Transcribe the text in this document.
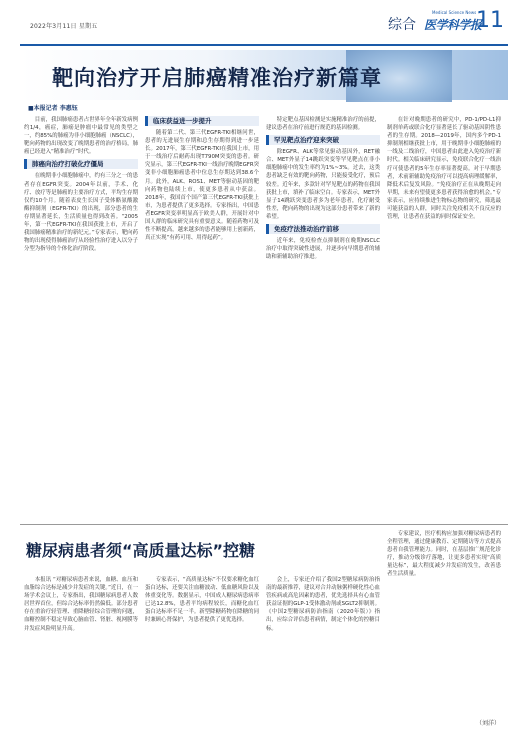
2022年3月11日 星期五	综合
Medical Science News
医学科学报
11
靶向治疗开启肺癌精准治疗新篇章
■本报记者 李惠钰

目前，我国肺癌患者占世界年全年新发病例约1/4，癌症，肺癌是肿瘤中最常见的类型之一，约85%的肺癌为非小细胞肺癌（NSCLC），靶向药物的出现改变了晚期患者的治疗格局，肺癌已经进入“精准治疗”时代。

肺癌向治疗打破化疗僵局

在晚期非小细胞肺癌中，约有三分之一的患者存在EGFR突变。2004年以前，手术、化疗、放疗等是肺癌的主要治疗方式，平均生存期仅约10个月。随着表皮生长因子受体酪氨酸激酶抑制剂（EGFR-TKI）的出现，部分患者的生存期显著延长，生活质量也得到改善。“2005年，第一代EGFR-TKI在我国获批上市，开启了我国肺癌精准治疗的新纪元。”专家表示，靶向药物的出现使得肺癌治疗从经验性治疗进入以分子分型为指导的个体化治疗阶段。

临床获益进一步提升

随着第二代、第三代EGFR-TKI相继问世，患者的无进展生存期和总生存期得到进一步延长。2017年，第三代EGFR-TKI在我国上市，用于一线治疗后耐药出现T790M突变的患者。研究显示，第三代EGFR-TKI一线治疗晚期EGFR突变非小细胞肺癌患者中位总生存期达到38.6个月。此外，ALK、ROS1、MET等驱动基因的靶向药物也陆续上市，使更多患者从中获益。2018年，我国首个国产第三代EGFR-TKI获批上市，为患者提供了更多选择。专家指出，中国患者EGFR突变率明显高于欧美人群，开展针对中国人群的临床研究具有重要意义。随着药物可及性不断提高，越来越多的患者能够用上创新药，真正实现“有药可用、用得起药”。

特定靶点基因检测是实施精准治疗的前提，建议患者在治疗前进行规范的基因检测。

罕见靶点治疗迎来突破

除EGFR、ALK等常见驱动基因外，RET融合、MET外显子14跳跃突变等罕见靶点在非小细胞肺癌中的发生率约为1%~3%。过去，这类患者缺乏有效的靶向药物，只能接受化疗，预后较差。近年来，多款针对罕见靶点的药物在我国获批上市，填补了临床空白。专家表示，MET外显子14跳跃突变患者多为老年患者，化疗耐受性差，靶向药物的出现为这部分患者带来了新的希望。

免疫疗法推动治疗前移

近年来，免疫检查点抑制剂在晚期NSCLC治疗中取得突破性进展，并逐步向早期患者的辅助和新辅助治疗推进。

在针对晚期患者的研究中，PD-1/PD-L1抑制剂单药或联合化疗显著延长了驱动基因阴性患者的生存期。2018—2019年，国内多个PD-1抑制剂相继获批上市，用于晚期非小细胞肺癌的一线及二线治疗，中国患者由此进入免疫治疗新时代。相关临床研究显示，免疫联合化疗一线治疗可使患者的5年生存率显著提高。对于早期患者，术前新辅助免疫治疗可以提高病理缓解率，降低术后复发风险。“免疫治疗正在从晚期走向早期，未来有望使更多患者获得治愈的机会。”专家表示，应持续推进生物标志物的研究，筛选最可能获益的人群，同时关注免疫相关不良反应的管理，让患者在获益的同时保证安全。

糖尿病患者须“高质量达标”控糖

本报讯 “对糖尿病患者来说，血糖、血压和血脂综合达标是减少并发症的关键。”近日，在一场学术会议上，专家指出，我国糖尿病患者人数居世界首位，但综合达标率仍然偏低。部分患者存在重治疗轻管理、重降糖轻综合管理的问题，血糖控制不稳定导致心脑血管、肾脏、视网膜等并发症风险明显升高。

专家表示，“高质量达标”不仅要求糖化血红蛋白达标，还要关注血糖波动、低血糖风险以及体重变化等。数据显示，中国成人糖尿病患病率已达12.8%，患者平均病程较长，而糖化血红蛋白达标率不足一半。新型降糖药物在降糖的同时兼顾心肾保护，为患者提供了更优选择。

会上，专家还介绍了我国2型糖尿病防治指南的最新推荐，建议对合并动脉粥样硬化性心血管疾病或高危因素的患者，优先选择具有心血管获益证据的GLP-1受体激动剂或SGLT2抑制剂。《中国2型糖尿病防治指南（2020年版）》指出，应综合评估患者病情，制定个体化的控糖目标。

专家建议，医疗机构应加强对糖尿病患者的全程管理，通过健康教育、定期随访等方式提高患者自我管理能力。同时，在基层推广规范化诊疗，推动分级诊疗落地，让更多患者实现“高质量达标”，最大程度减少并发症的发生，改善患者生活质量。

（刘洋）
